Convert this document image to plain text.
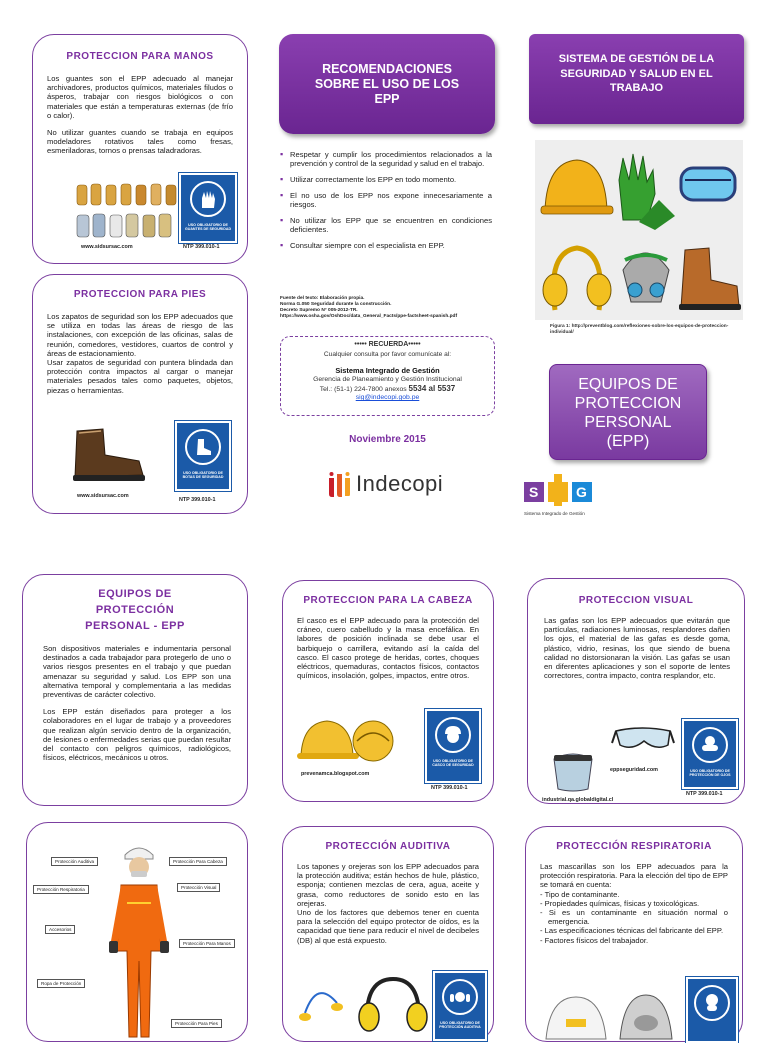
PROTECCION PARA MANOS
Los guantes son el EPP adecuado al manejar archivadores, productos químicos, materiales filudos o ásperos, trabajar con riesgos biológicos o con materiales que están a temperaturas externas (de frío o calor).
No utilizar guantes cuando se trabaja en equipos modeladores rotativos tales como fresas, esmeriladoras, tornos o prensas taladradoras.
USO OBLIGATORIO DE GUANTES DE SEGURIDAD
www.sidsursac.com	NTP 399.010-1
PROTECCION PARA PIES
Los zapatos de seguridad son los EPP adecuados que se utiliza en todas las áreas de riesgo de las instalaciones, con excepción de las oficinas, salas de reunión, comedores, vestidores, cuartos de control y áreas de estacionamiento.
Usar zapatos de seguridad con puntera blindada dan protección contra impactos al cargar o manejar materiales pesados tales como paquetes, objetos, piezas o herramientas.
USO OBLIGATORIO DE BOTAS DE SEGURIDAD
www.sidsursac.com
NTP 399.010-1
RECOMENDACIONES SOBRE EL USO DE LOS EPP
▪ Respetar y cumplir los procedimientos relacionados a la prevención y control de la seguridad y salud en el trabajo.
▪ Utilizar correctamente los EPP en todo momento.
▪ El no uso de los EPP nos expone innecesariamente a riesgos.
▪ No utilizar los EPP que se encuentren en condiciones deficientes.
▪ Consultar siempre con el especialista en EPP.
Fuente del texto: Elaboración propia.
Norma G.050 Seguridad durante la construcción.
Decreto Supremo N° 005-2012-TR.
https://www.osha.gov/OshDoc/data_General_Facts/ppe-factsheet-spanish.pdf
••••• RECUERDA•••••
Cualquier consulta por favor comunícate al:
Sistema Integrado de Gestión
Gerencia de Planeamiento y Gestión Institucional
Tel.: (51-1) 224-7800 anexos 5534 al 5537
sig@indecopi.gob.pe
Noviembre 2015
Indecopi
SISTEMA DE GESTIÓN DE LA SEGURIDAD Y SALUD EN EL TRABAJO
Figura 1: http://preventblog.com/reflexiones-sobre-los-equipos-de-proteccion-individual/
EQUIPOS DE PROTECCION PERSONAL (EPP)
S	G
Sistema Integrado de Gestión
EQUIPOS DE PROTECCIÓN PERSONAL - EPP
Son dispositivos materiales e indumentaria personal destinados a cada trabajador para protegerlo de uno o varios riesgos presentes en el trabajo y que puedan amenazar su seguridad y salud. Los EPP son una alternativa temporal y complementaria a las medidas preventivas de carácter colectivo.
Los EPP están diseñados para proteger a los colaboradores en el lugar de trabajo y a proveedores que realizan algún servicio dentro de la organización, de lesiones o enfermedades serias que puedan resultar del contacto con peligros químicos, radiológicos, físicos, eléctricos, mecánicos u otros.
PROTECCION PARA LA CABEZA
El casco es el EPP adecuado para la protección del cráneo, cuero cabelludo y la masa encefálica. En labores de posición inclinada se debe usar el barbiquejo o carrillera, evitando así la caída del casco. El casco protege de heridas, cortes, choques eléctricos, quemaduras, contactos físicos, contactos químicos, insolación, golpes, impactos, entre otros.
USO OBLIGATORIO DE CASCO DE SEGURIDAD
prevenamca.blogspot.com
NTP 399.010-1
PROTECCION VISUAL
Las gafas son los EPP adecuados que evitarán que partículas, radiaciones luminosas, resplandores dañen los ojos, el material de las gafas es desde goma, plástico, vidrio, resinas, los que siendo de buena calidad no distorsionaran la visión. Las gafas se usan en diferentes aplicaciones y son el soporte de lentes correctores, contra impacto, contra resplandor, etc.
USO OBLIGATORIO DE PROTECCIÓN DE OJOS
eppseguridad.com
industrial.qa.globaldigital.cl
NTP 399.010-1
Protección Auditiva	Protección Para Cabeza
Protección Respiratoria	Protección Visual
Accesorios
Protección Para Manos
Ropa de Protección
Protección Para Pies
PROTECCIÓN AUDITIVA
Los tapones y orejeras son los EPP adecuados para la protección auditiva; están hechos de hule, plástico, esponja; contienen mezclas de cera, agua, aceite y grasa, como reductores de sonido esto en las orejeras.
Uno de los factores que debemos tener en cuenta para la selección del equipo protector de oídos, es la capacidad que tiene para reducir el nivel de decibeles (DB) al que está expuesto.
USO OBLIGATORIO DE PROTECCIÓN AUDITIVA
PROTECCIÓN RESPIRATORIA
Las mascarillas son los EPP adecuados para la protección respiratoria. Para la elección del tipo de EPP se tomará en cuenta:
- Tipo de contaminante.
- Propiedades químicas, físicas y toxicológicas.
- Si es un contaminante en situación normal o emergencia.
- Las especificaciones técnicas del fabricante del EPP.
- Factores físicos del trabajador.
